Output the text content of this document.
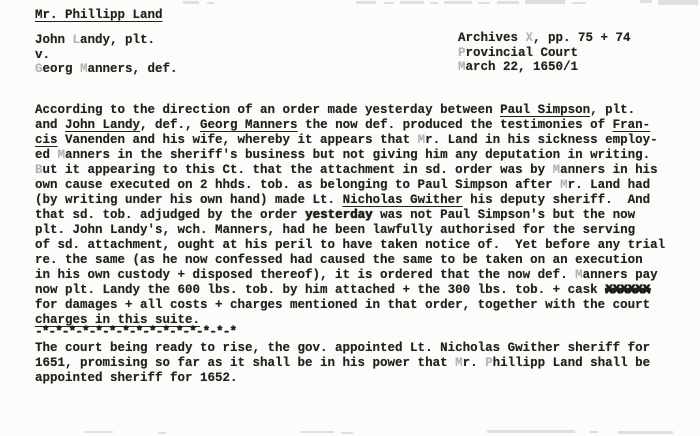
Mr. Phillipp Land
John Landy, plt.
v.
Georg Manners, def.
Archives X, pp. 75 + 74
Provincial Court
March 22, 1650/1
According to the direction of an order made yesterday between Paul Simpson, plt.
and John Landy, def., Georg Manners the now def. produced the testimonies of Fran-
cis Vanenden and his wife, whereby it appears that Mr. Land in his sickness employ-
ed Manners in the sheriff's business but not giving him any deputation in writing.
But it appearing to this Ct. that the attachment in sd. order was by Manners in his
own cause executed on 2 hhds. tob. as belonging to Paul Simpson after Mr. Land had
(by writing under his own hand) made Lt. Nicholas Gwither his deputy sheriff.  And
that sd. tob. adjudged by the order yesterday was not Paul Simpson's but the now
plt. John Landy's, wch. Manners, had he been lawfully authorised for the serving
of sd. attachment, ought at his peril to have taken notice of.  Yet before any trial
re. the same (as he now confessed had caused the same to be taken on an execution
in his own custody + disposed thereof), it is ordered that the now def. Manners pay
now plt. Landy the 600 lbs. tob. by him attached + the 300 lbs. tob. + cask XXXXXX
for damages + all costs + charges mentioned in that order, together with the court
charges in this suite.
-*-*-*-*-*-*-*-*-*-*-*-*-*-*-*
The court being ready to rise, the gov. appointed Lt. Nicholas Gwither sheriff for
1651, promising so far as it shall be in his power that Mr. Phillipp Land shall be
appointed sheriff for 1652.
